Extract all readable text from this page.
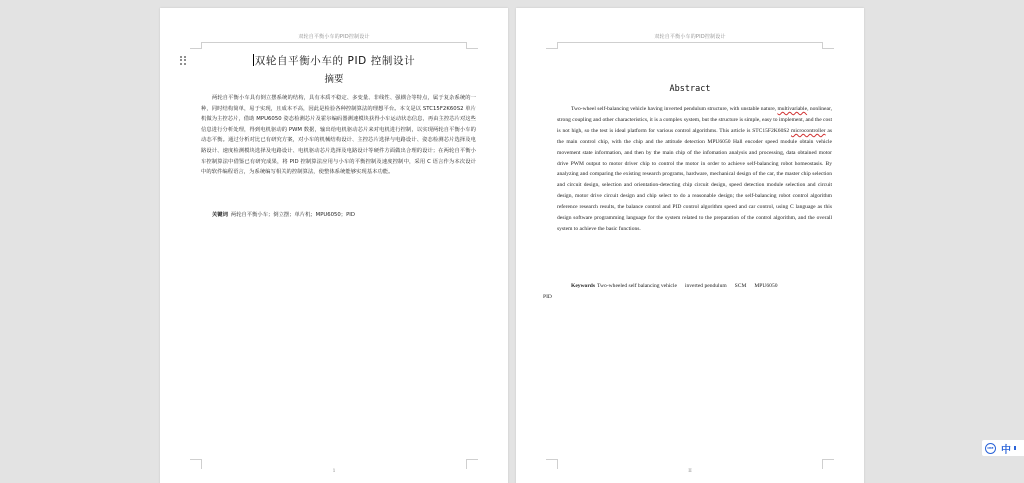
双轮自平衡小车的PID控制设计
双轮自平衡小车的 PID 控制设计
摘要
两轮自平衡小车具有倒立摆系统的结构，具有本质不稳定、多变量、非线性、强耦合等特点，属于复杂系统的一种，同时结构简单，易于实现，且成本不高，因此是检验各种控制算法的理想平台。本文是以 STC15F2K60S2 单片机做为主控芯片，借助 MPU6050 姿态检测芯片及霍尔编码器测速模块获得小车运动状态信息，再由主控芯片对这些信息进行分析处理，得到电机驱动的 PWM 数据，输出给电机驱动芯片来对电机进行控制，以实现两轮自平衡小车的动态平衡。通过分析对比已有研究方案，对小车的机械结构设计、主控芯片选择与电路设计、姿态检测芯片选择及电路设计、速度检测模块选择及电路设计、电机驱动芯片选择及电路设计等硬件方面做出合理的设计；在两轮自平衡小车控制算法中借鉴已有研究成果，将 PID 控制算法应用与小车的平衡控制及速度控制中，采用 C 语言作为本次设计中的软件编程语言，为系统编写相关的控制算法，使整体系统能够实现基本功能。
关键词 两轮自平衡小车；倒立摆；单片机；MPU6050；PID
1
双轮自平衡小车的PID控制设计
Abstract
Two-wheel self-balancing vehicle having inverted pendulum structure, with unstable nature, multivariable, nonlinear, strong coupling and other characteristics, it is a complex system, but the structure is simple, easy to implement, and the cost is not high, so the test is ideal platform for various control algorithms. This article is STC15F2K60S2 microcontroller as the main control chip, with the chip and the attitude detection MPU6050 Hall encoder speed module obtain vehicle movement state information, and then by the main chip of the infomation analysis and processing, data obtained motor drive PWM output to motor driver chip to control the motor in order to achieve self-balancing robot homeostasis. By analyzing and comparing the existing research programs, hardware, mechanical design of the car, the master chip selection and circuit design, selection and orientation-detecting chip circuit design, speed detection module selection and circuit design, motor drive circuit design and chip select to do a reasonable design; the self-balancing robot control algorithm reference research results, the balance control and PID control algorithm speed and car control, using C language as this design software programming language for the system related to the preparation of the control algorithm, and the overall system to achieve the basic functions.
Keywords Two-wheeled self balancing vehicle inverted pendulum SCM MPU6050
PID
II
IME 中
